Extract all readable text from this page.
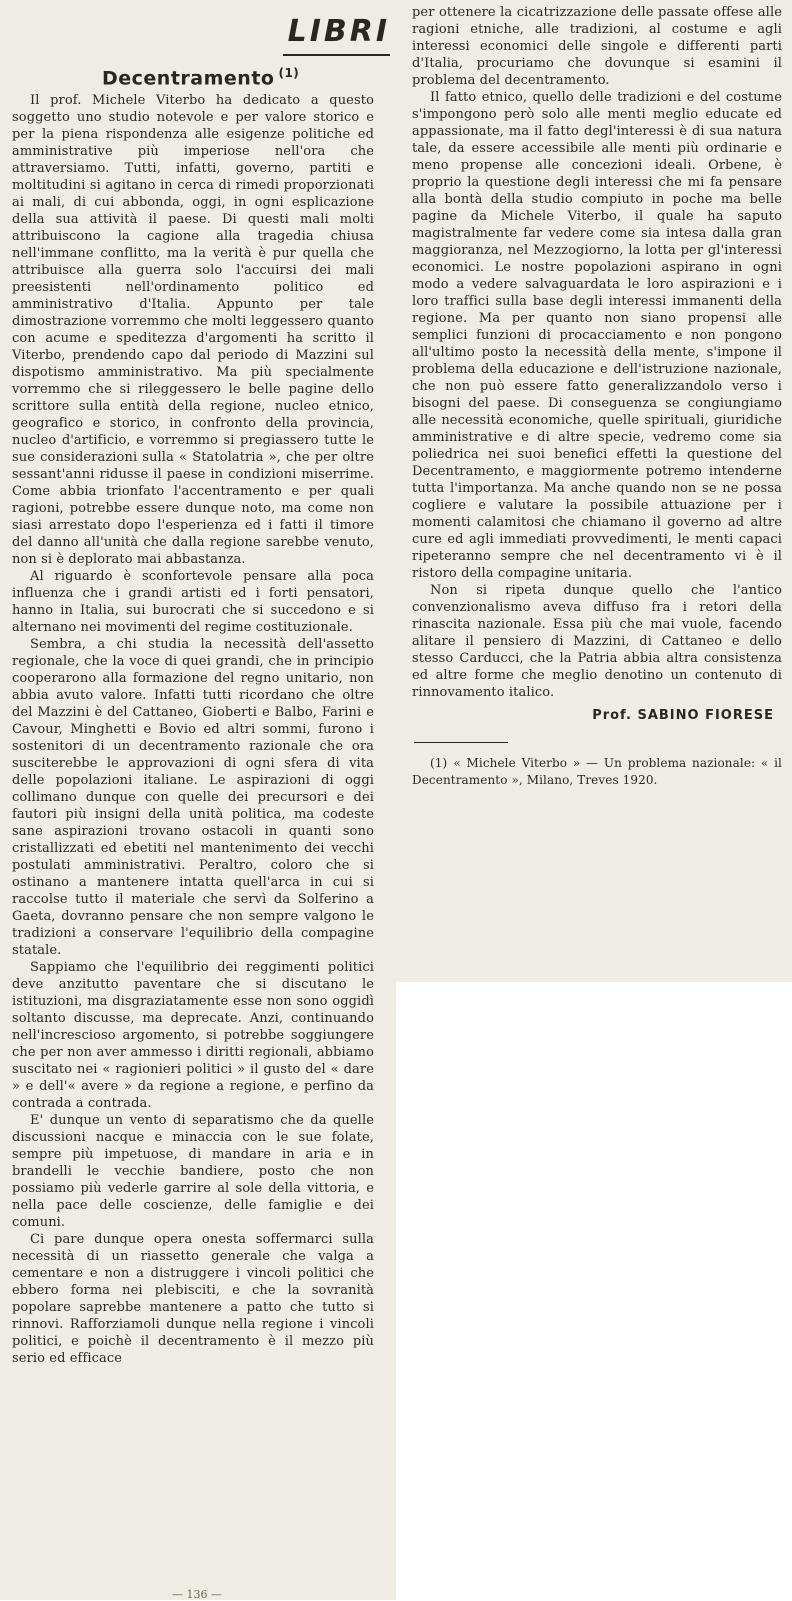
LIBRI
Decentramento $^{(1)}$

Il prof. Michele Viterbo ha dedicato a questo soggetto uno studio notevole e per valore storico e per la piena rispondenza alle esigenze politiche ed amministrative più imperiose nell'ora che attraversiamo. Tutti, infatti, governo, partiti e moltitudini si agitano in cerca di rimedi proporzionati ai mali, di cui abbonda, oggi, in ogni esplicazione della sua attività il paese. Di questi mali molti attribuiscono la cagione alla tragedia chiusa nell'immane conflitto, ma la verità è pur quella che attribuisce alla guerra solo l'accuirsi dei mali preesistenti nell'ordinamento politico ed amministrativo d'Italia. Appunto per tale dimostrazione vorremmo che molti leggessero quanto con acume e speditezza d'argomenti ha scritto il Viterbo, prendendo capo dal periodo di Mazzini sul dispotismo amministrativo. Ma più specialmente vorremmo che si rileggessero le belle pagine dello scrittore sulla entità della regione, nucleo etnico, geografico e storico, in confronto della provincia, nucleo d'artificio, e vorremmo si pregiassero tutte le sue considerazioni sulla « Statolatria », che per oltre sessant'anni ridusse il paese in condizioni miserrime. Come abbia trionfato l'accentramento e per quali ragioni, potrebbe essere dunque noto, ma come non siasi arrestato dopo l'esperienza ed i fatti il timore del danno all'unità che dalla regione sarebbe venuto, non si è deplorato mai abbastanza.

Al riguardo è sconfortevole pensare alla poca influenza che i grandi artisti ed i forti pensatori, hanno in Italia, sui burocrati che si succedono e si alternano nei movimenti del regime costituzionale.

Sembra, a chi studia la necessità dell'assetto regionale, che la voce di quei grandi, che in principio cooperarono alla formazione del regno unitario, non abbia avuto valore. Infatti tutti ricordano che oltre del Mazzini è del Cattaneo, Gioberti e Balbo, Farini e Cavour, Minghetti e Bovio ed altri sommi, furono i sostenitori di un decentramento razionale che ora susciterebbe le approvazioni di ogni sfera di vita delle popolazioni italiane. Le aspirazioni di oggi collimano dunque con quelle dei precursori e dei fautori più insigni della unità politica, ma codeste sane aspirazioni trovano ostacoli in quanti sono cristallizzati ed ebetiti nel mantenimento dei vecchi postulati amministrativi. Peraltro, coloro che si ostinano a mantenere intatta quell'arca in cui si raccolse tutto il materiale che servì da Solferino a Gaeta, dovranno pensare che non sempre valgono le tradizioni a conservare l'equilibrio della compagine statale.

Sappiamo che l'equilibrio dei reggimenti politici deve anzitutto paventare che si discutano le istituzioni, ma disgraziatamente esse non sono oggidì soltanto discusse, ma deprecate. Anzi, continuando nell'increscioso argomento, si potrebbe soggiungere che per non aver ammesso i diritti regionali, abbiamo suscitato nei « ragionieri politici » il gusto del « dare » e dell'« avere » da regione a regione, e perfino da contrada a contrada.

E' dunque un vento di separatismo che da quelle discussioni nacque e minaccia con le sue folate, sempre più impetuose, di mandare in aria e in brandelli le vecchie bandiere, posto che non possiamo più vederle garrire al sole della vittoria, e nella pace delle coscienze, delle famiglie e dei comuni.

Ci pare dunque opera onesta soffermarci sulla necessità di un riassetto generale che valga a cementare e non a distruggere i vincoli politici che ebbero forma nei plebisciti, e che la sovranità popolare saprebbe mantenere a patto che tutto si rinnovi. Rafforziamoli dunque nella regione i vincoli politici, e poichè il decentramento è il mezzo più serio ed efficace

per ottenere la cicatrizzazione delle passate offese alle ragioni etniche, alle tradizioni, al costume e agli interessi economici delle singole e differenti parti d'Italia, procuriamo che dovunque si esamini il problema del decentramento.

Il fatto etnico, quello delle tradizioni e del costume s'impongono però solo alle menti meglio educate ed appassionate, ma il fatto degl'interessi è di sua natura tale, da essere accessibile alle menti più ordinarie e meno propense alle concezioni ideali. Orbene, è proprio la questione degli interessi che mi fa pensare alla bontà della studio compiuto in poche ma belle pagine da Michele Viterbo, il quale ha saputo magistralmente far vedere come sia intesa dalla gran maggioranza, nel Mezzogiorno, la lotta per gl'interessi economici. Le nostre popolazioni aspirano in ogni modo a vedere salvaguardata le loro aspirazioni e i loro traffici sulla base degli interessi immanenti della regione. Ma per quanto non siano propensi alle semplici funzioni di procacciamento e non pongono all'ultimo posto la necessità della mente, s'impone il problema della educazione e dell'istruzione nazionale, che non può essere fatto generalizzandolo verso i bisogni del paese. Di conseguenza se congiungiamo alle necessità economiche, quelle spirituali, giuridiche amministrative e di altre specie, vedremo come sia poliedrica nei suoi benefici effetti la questione del Decentramento, e maggiormente potremo intenderne tutta l'importanza. Ma anche quando non se ne possa cogliere e valutare la possibile attuazione per i momenti calamitosi che chiamano il governo ad altre cure ed agli immediati provvedimenti, le menti capaci ripeteranno sempre che nel decentramento vi è il ristoro della compagine unitaria.

Non si ripeta dunque quello che l'antico convenzionalismo aveva diffuso fra i retori della rinascita nazionale. Essa più che mai vuole, facendo alitare il pensiero di Mazzini, di Cattaneo e dello stesso Carducci, che la Patria abbia altra consistenza ed altre forme che meglio denotino un contenuto di rinnovamento italico.

Prof. SABINO FIORESE

(1) « Michele Viterbo » — Un problema nazionale: « il Decentramento », Milano, Treves 1920.

— 136 —
